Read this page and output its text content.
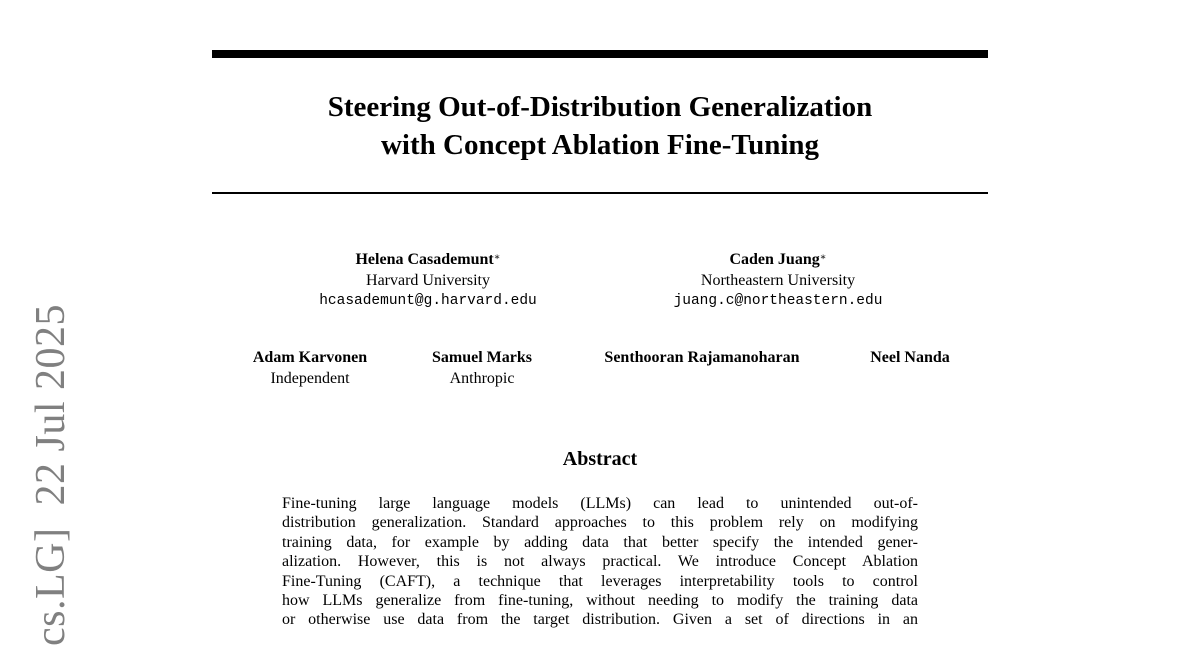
cs.LG]22 Jul 2025
Steering Out-of-Distribution Generalization
with Concept Ablation Fine-Tuning
Helena Casademunt∗
Harvard University
hcasademunt@g.harvard.edu
Caden Juang∗
Northeastern University
juang.c@northeastern.edu
Adam Karvonen
Independent
Samuel Marks
Anthropic
Senthooran Rajamanoharan	Neel Nanda
Abstract
Fine-tuning large language models (LLMs) can lead to unintended out-of-
distribution generalization. Standard approaches to this problem rely on modifying
training data, for example by adding data that better specify the intended gener-
alization. However, this is not always practical. We introduce Concept Ablation
Fine-Tuning (CAFT), a technique that leverages interpretability tools to control
how LLMs generalize from fine-tuning, without needing to modify the training data
or otherwise use data from the target distribution. Given a set of directions in an
